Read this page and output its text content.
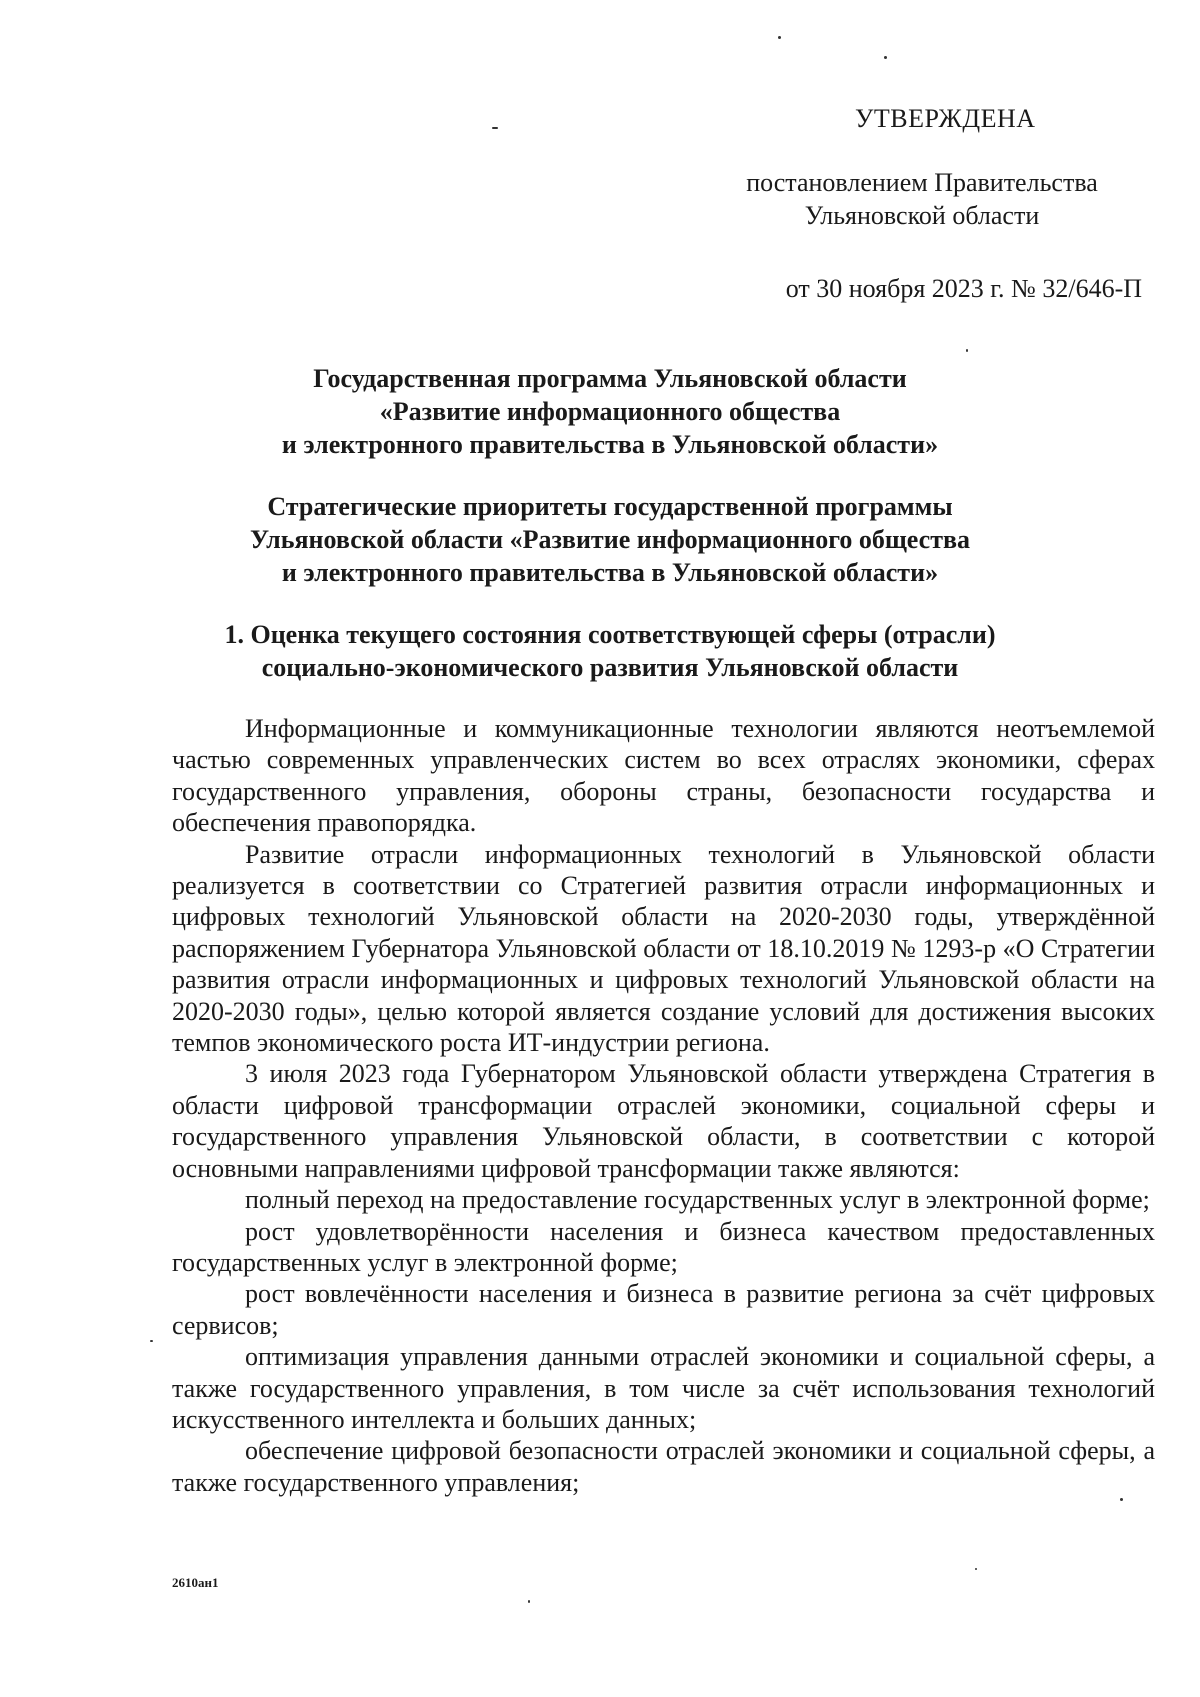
УТВЕРЖДЕНА
постановлением Правительства
Ульяновской области
от 30 ноября 2023 г. № 32/646-П
Государственная программа Ульяновской области
«Развитие информационного общества
и электронного правительства в Ульяновской области»
Стратегические приоритеты государственной программы
Ульяновской области «Развитие информационного общества
и электронного правительства в Ульяновской области»
1. Оценка текущего состояния соответствующей сферы (отрасли)
социально-экономического развития Ульяновской области

Информационные и коммуникационные технологии являются неотъемлемой частью современных управленческих систем во всех отраслях экономики, сферах государственного управления, обороны страны, безопасности государства и обеспечения правопорядка.

Развитие отрасли информационных технологий в Ульяновской области реализуется в соответствии со Стратегией развития отрасли информационных и цифровых технологий Ульяновской области на 2020-2030 годы, утверждённой распоряжением Губернатора Ульяновской области от 18.10.2019 № 1293-р «О Стратегии развития отрасли информационных и цифровых технологий Ульяновской области на 2020-2030 годы», целью которой является создание условий для достижения высоких темпов экономического роста ИТ-индустрии региона.

3 июля 2023 года Губернатором Ульяновской области утверждена Стратегия в области цифровой трансформации отраслей экономики, социальной сферы и государственного управления Ульяновской области, в соответствии с которой основными направлениями цифровой трансформации также являются:

полный переход на предоставление государственных услуг в электронной форме;

рост удовлетворённости населения и бизнеса качеством предоставленных государственных услуг в электронной форме;

рост вовлечённости населения и бизнеса в развитие региона за счёт цифровых сервисов;

оптимизация управления данными отраслей экономики и социальной сферы, а также государственного управления, в том числе за счёт использования технологий искусственного интеллекта и больших данных;

обеспечение цифровой безопасности отраслей экономики и социальной сферы, а также государственного управления;

2610ан1
